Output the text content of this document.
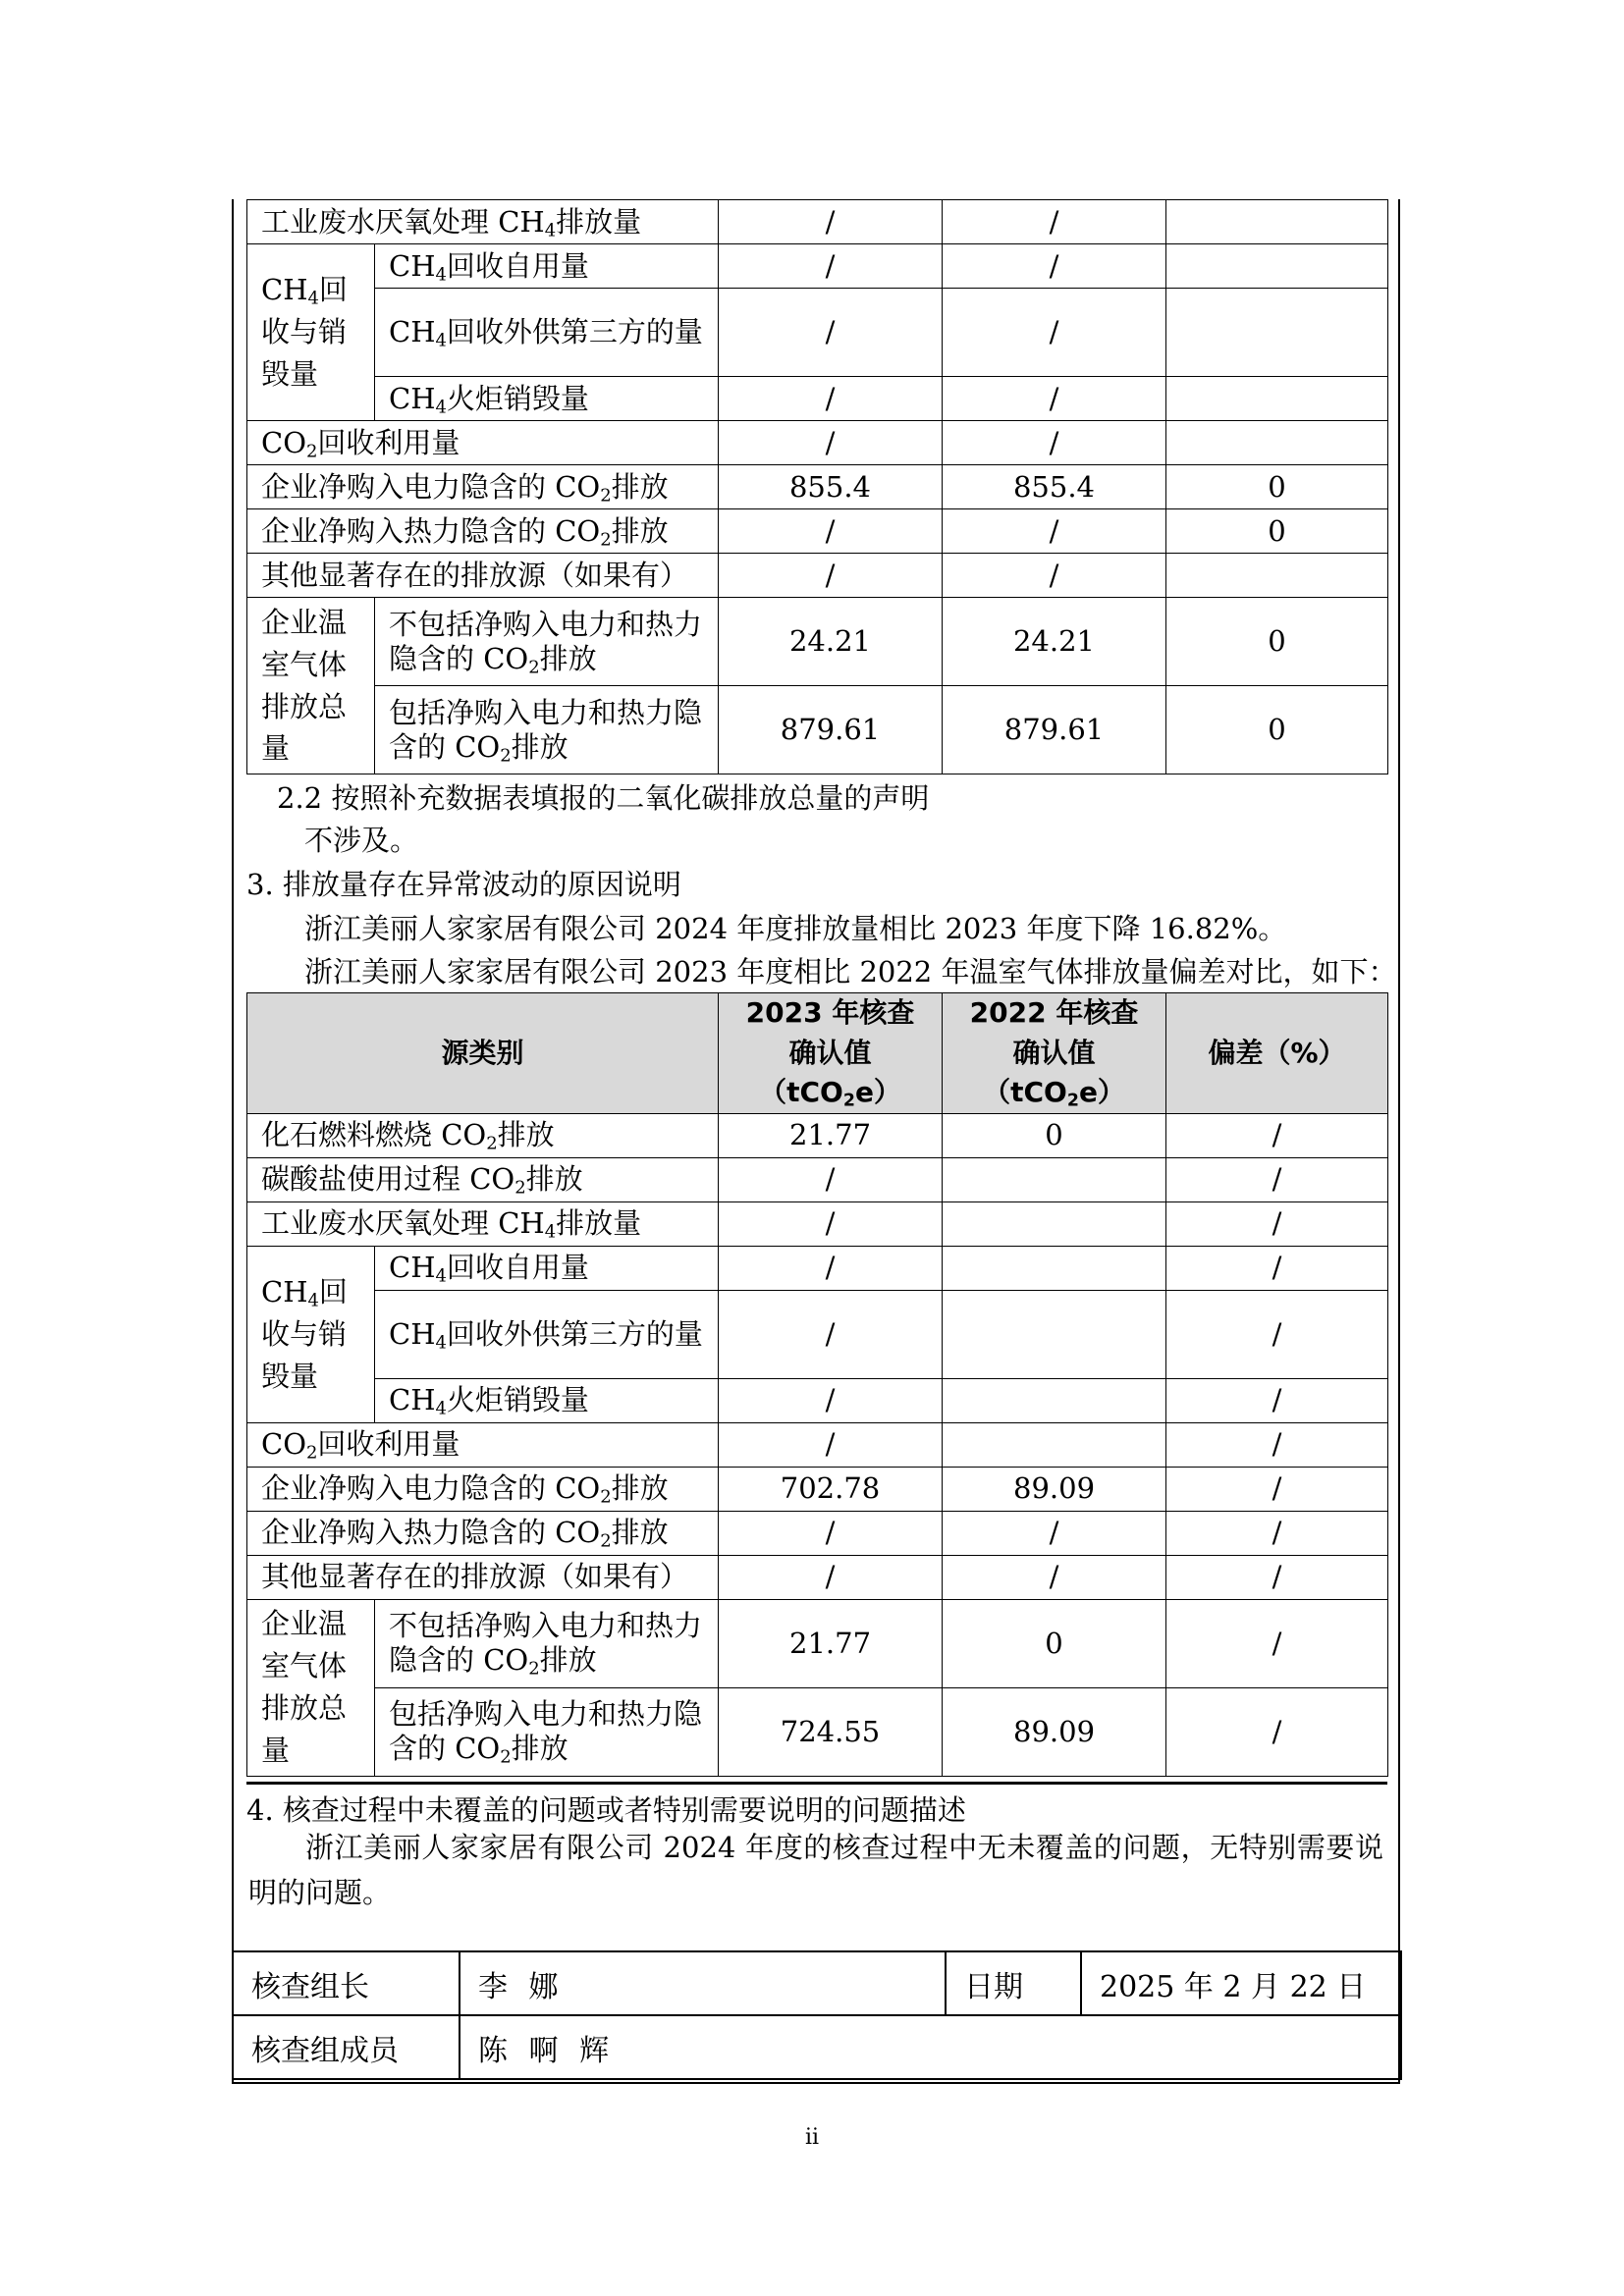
工业废水厌氧处理 $CH_4$排放量		/	/	
$CH_4$回收与销毁量	$CH_4$回收自用量	/	/	
	$CH_4$回收外供第三方的量	/	/	
	$CH_4$火炬销毁量	/	/	
$CO_2$回收利用量		/	/	
企业净购入电力隐含的 $CO_2$排放		855.4	855.4	0
企业净购入热力隐含的 $CO_2$排放		/	/	0
其他显著存在的排放源（如果有）		/	/	
企业温室气体排放总量	不包括净购入电力和热力隐含的 $CO_2$排放	24.21	24.21	0
	包括净购入电力和热力隐含的 $CO_2$排放	879.61	879.61	0

2.2 按照补充数据表填报的二氧化碳排放总量的声明

不涉及。

3. 排放量存在异常波动的原因说明

浙江美丽人家家居有限公司 2024 年度排放量相比 2023 年度下降 16.82%。

浙江美丽人家家居有限公司 2023 年度相比 2022 年温室气体排放量偏差对比，如下：

源类别		2023 年核查确认值（tCO$_2$e）	2022 年核查确认值（tCO$_2$e）	偏差（%）
化石燃料燃烧 $CO_2$排放		21.77	0	/
碳酸盐使用过程 $CO_2$排放		/		/
工业废水厌氧处理 $CH_4$排放量		/		/
$CH_4$回收与销毁量	$CH_4$回收自用量	/		/
	$CH_4$回收外供第三方的量	/		/
	$CH_4$火炬销毁量	/		/
$CO_2$回收利用量		/		/
企业净购入电力隐含的 $CO_2$排放		702.78	89.09	/
企业净购入热力隐含的 $CO_2$排放		/	/	/
其他显著存在的排放源（如果有）		/	/	/
企业温室气体排放总量	不包括净购入电力和热力隐含的 $CO_2$排放	21.77	0	/
	包括净购入电力和热力隐含的 $CO_2$排放	724.55	89.09	/

4. 核查过程中未覆盖的问题或者特别需要说明的问题描述

浙江美丽人家家居有限公司 2024 年度的核查过程中无未覆盖的问题，无特别需要说明的问题。

核查组长	李 娜	日期	2025 年 2 月 22 日
核查组成员	陈 啊 辉		
ii
